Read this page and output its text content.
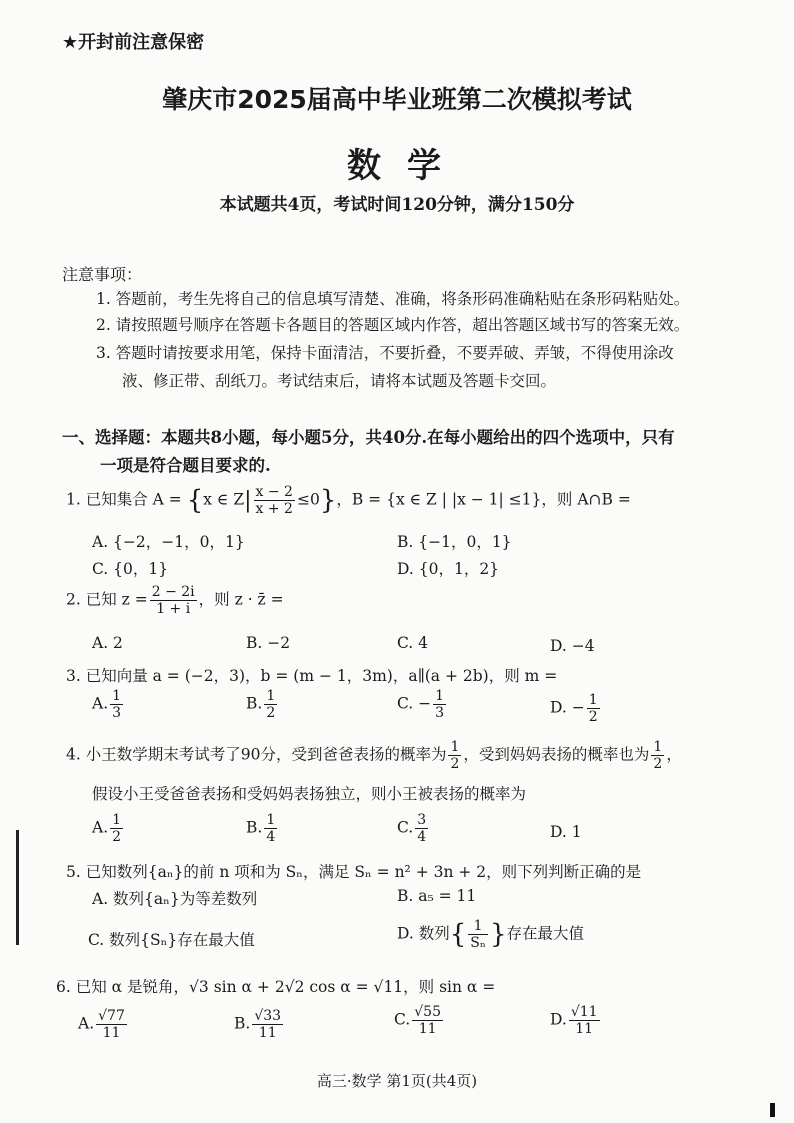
★开封前注意保密
肇庆市2025届高中毕业班第二次模拟考试
数学
本试题共4页，考试时间120分钟，满分150分
注意事项：
1. 答题前，考生先将自己的信息填写清楚、准确，将条形码准确粘贴在条形码粘贴处。
2. 请按照题号顺序在答题卡各题目的答题区域内作答，超出答题区域书写的答案无效。
3. 答题时请按要求用笔，保持卡面清洁，不要折叠，不要弄破、弄皱，不得使用涂改
液、修正带、刮纸刀。考试结束后，请将本试题及答题卡交回。
一、选择题：本题共8小题，每小题5分，共40分.在每小题给出的四个选项中，只有
一项是符合题目要求的.
1. 已知集合 A = {x ∈ $Z| \frac{x - 2}{x + 2} \le 0$}，B = {x ∈ Z | |x − 1| ≤1}，则 A∩B =
A. {−2，−1，0，1}	B. {−1，0，1}
C. {0，1}	D. {0，1，2}
2. 已知 $z = \frac{2 - 2i}{1 + i}$ ，则 z · z̄ =
A. 2	B. −2	C. 4	D. −4
3. 已知向量 a = (−2，3)，b = (m − 1，3m)，a∥(a + 2b)，则 m =
A. $\frac{1}{3}$	B. $\frac{1}{2}$	C. − $\frac{1}{3}$	D. − $\frac{1}{2}$
4. 小王数学期末考试考了90分，受到爸爸表扬的概率为 $\frac{1}{2}$ ，受到妈妈表扬的概率也为 $\frac{1}{2}$ ，
假设小王受爸爸表扬和受妈妈表扬独立，则小王被表扬的概率为
A. $\frac{1}{2}$	B. $\frac{1}{4}$	C. $\frac{3}{4}$	D. 1
5. 已知数列{aₙ}的前 n 项和为 Sₙ，满足 Sₙ = n² + 3n + 2，则下列判断正确的是
A. 数列{aₙ}为等差数列	B. a₅ = 11
C. 数列{Sₙ}存在最大值	D. 数列{ $\frac{1}{\text{Sₙ}}$ }存在最大值
6. 已知 α 是锐角，√3 sin α + 2√2 cos α = √11，则 sin α =
A. $\frac{√77}{11}$	B. $\frac{√33}{11}$	C. $\frac{√55}{11}$	D. $\frac{√11}{11}$
高三·数学 第1页(共4页)
